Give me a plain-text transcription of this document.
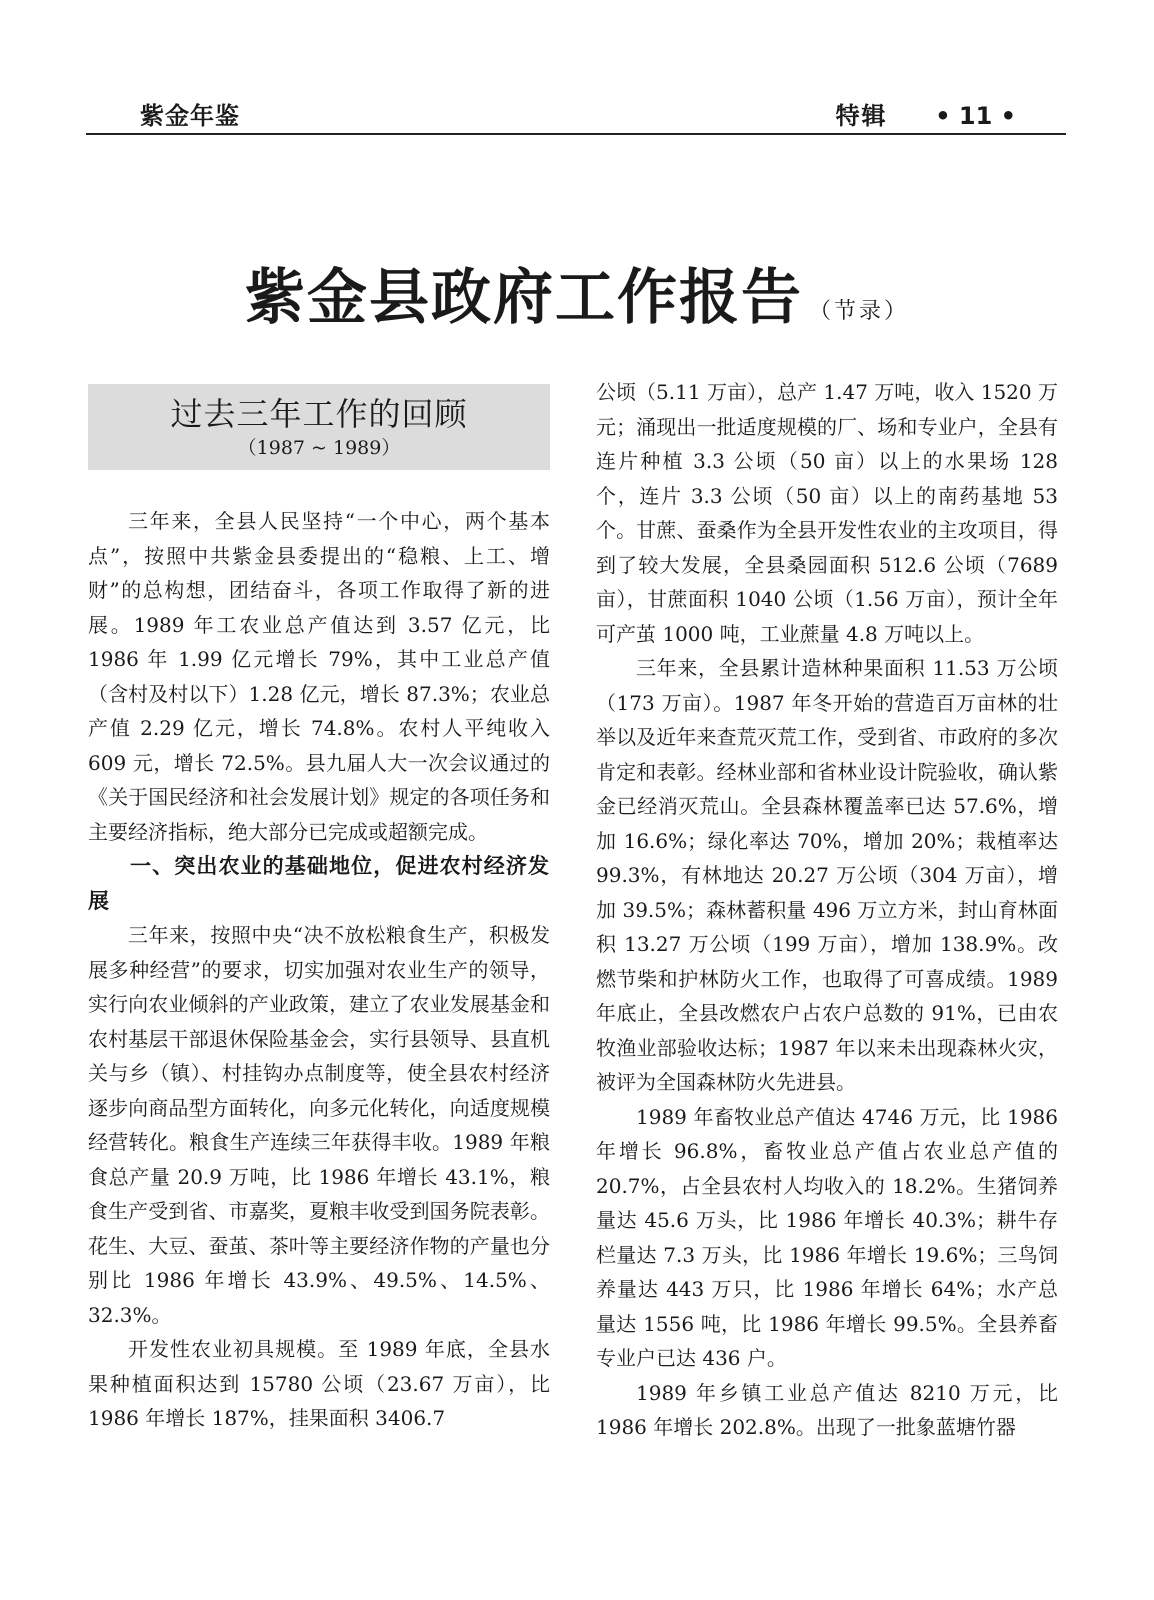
紫金年鉴	特辑 • 11 •
紫金县政府工作报告 （节录）
过去三年工作的回顾
（1987 ~ 1989）

三年来，全县人民坚持“一个中心，两个基本点”，按照中共紫金县委提出的“稳粮、上工、增财”的总构想，团结奋斗，各项工作取得了新的进展。1989 年工农业总产值达到 3.57 亿元，比 1986 年 1.99 亿元增长 79%，其中工业总产值（含村及村以下）1.28 亿元，增长 87.3%；农业总产值 2.29 亿元，增长 74.8%。农村人平纯收入 609 元，增长 72.5%。县九届人大一次会议通过的《关于国民经济和社会发展计划》规定的各项任务和主要经济指标，绝大部分已完成或超额完成。

一、突出农业的基础地位，促进农村经济发展

三年来，按照中央“决不放松粮食生产，积极发展多种经营”的要求，切实加强对农业生产的领导，实行向农业倾斜的产业政策，建立了农业发展基金和农村基层干部退休保险基金会，实行县领导、县直机关与乡（镇）、村挂钩办点制度等，使全县农村经济逐步向商品型方面转化，向多元化转化，向适度规模经营转化。粮食生产连续三年获得丰收。1989 年粮食总产量 20.9 万吨，比 1986 年增长 43.1%，粮食生产受到省、市嘉奖，夏粮丰收受到国务院表彰。花生、大豆、蚕茧、茶叶等主要经济作物的产量也分别比 1986 年增长 43.9%、49.5%、14.5%、32.3%。

开发性农业初具规模。至 1989 年底，全县水果种植面积达到 15780 公顷（23.67 万亩），比 1986 年增长 187%，挂果面积 3406.7

公顷（5.11 万亩），总产 1.47 万吨，收入 1520 万元；涌现出一批适度规模的厂、场和专业户，全县有连片种植 3.3 公顷（50 亩）以上的水果场 128 个，连片 3.3 公顷（50 亩）以上的南药基地 53 个。甘蔗、蚕桑作为全县开发性农业的主攻项目，得到了较大发展，全县桑园面积 512.6 公顷（7689 亩），甘蔗面积 1040 公顷（1.56 万亩），预计全年可产茧 1000 吨，工业蔗量 4.8 万吨以上。

三年来，全县累计造林种果面积 11.53 万公顷（173 万亩）。1987 年冬开始的营造百万亩林的壮举以及近年来查荒灭荒工作，受到省、市政府的多次肯定和表彰。经林业部和省林业设计院验收，确认紫金已经消灭荒山。全县森林覆盖率已达 57.6%，增加 16.6%；绿化率达 70%，增加 20%；栽植率达 99.3%，有林地达 20.27 万公顷（304 万亩），增加 39.5%；森林蓄积量 496 万立方米，封山育林面积 13.27 万公顷（199 万亩），增加 138.9%。改燃节柴和护林防火工作，也取得了可喜成绩。1989 年底止，全县改燃农户占农户总数的 91%，已由农牧渔业部验收达标；1987 年以来未出现森林火灾，被评为全国森林防火先进县。

1989 年畜牧业总产值达 4746 万元，比 1986 年增长 96.8%，畜牧业总产值占农业总产值的 20.7%，占全县农村人均收入的 18.2%。生猪饲养量达 45.6 万头，比 1986 年增长 40.3%；耕牛存栏量达 7.3 万头，比 1986 年增长 19.6%；三鸟饲养量达 443 万只，比 1986 年增长 64%；水产总量达 1556 吨，比 1986 年增长 99.5%。全县养畜专业户已达 436 户。

1989 年乡镇工业总产值达 8210 万元，比 1986 年增长 202.8%。出现了一批象蓝塘竹器
